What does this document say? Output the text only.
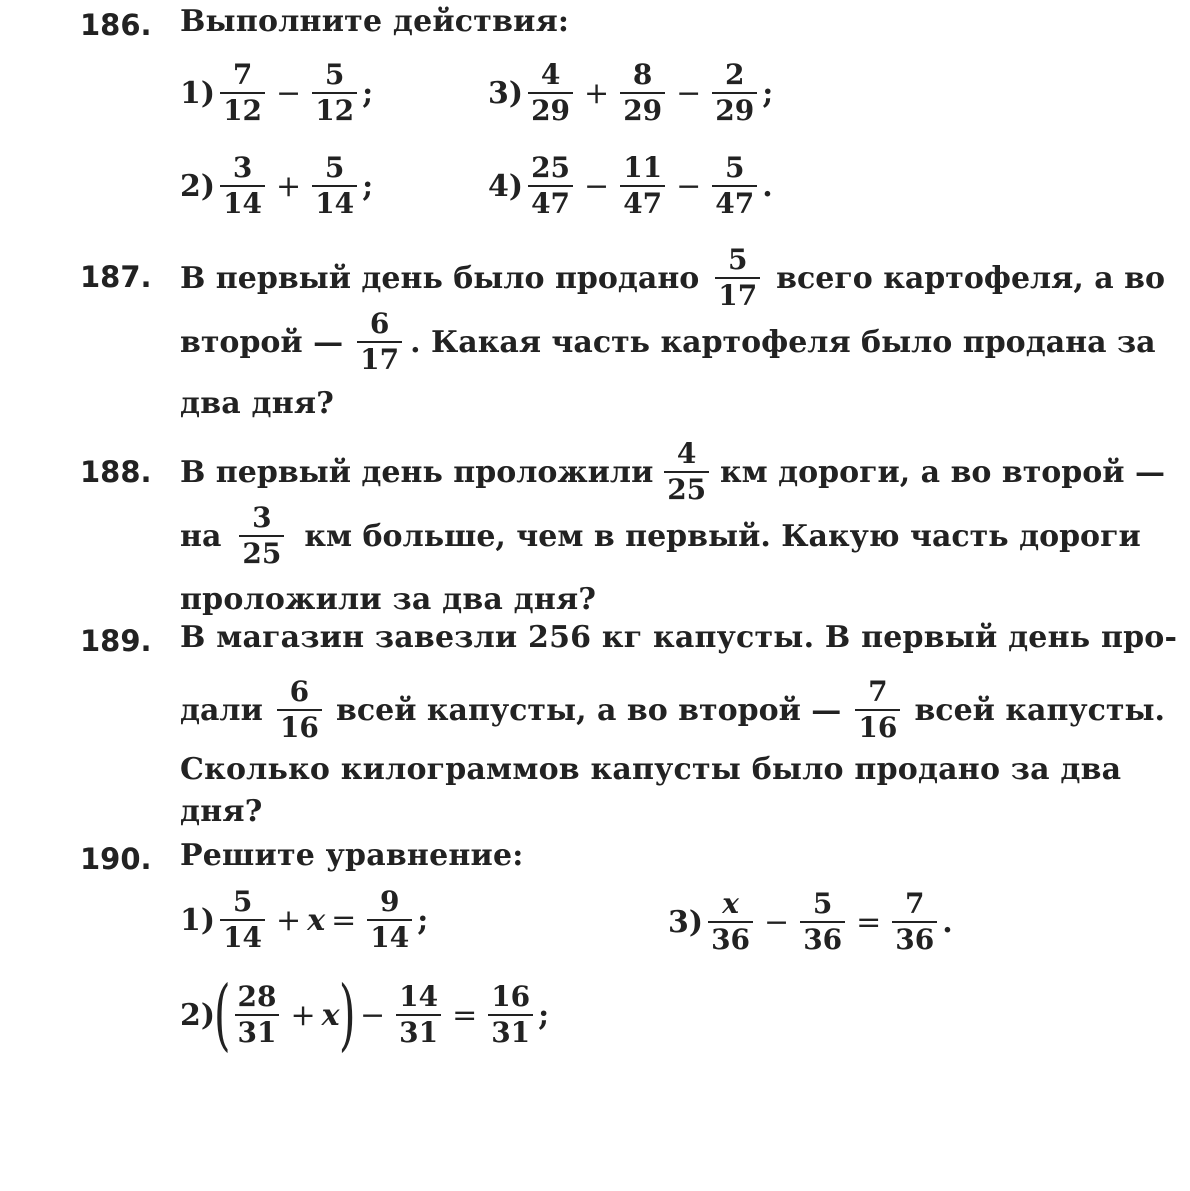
186. Выполните действия:
$1) \frac{7}{12} - \frac{5}{12}$ ;
$2) \frac{3}{14} + \frac{5}{14}$ ;
$3) \frac{4}{29} + \frac{8}{29} - \frac{2}{29}$ ;
$4) \frac{25}{47} - \frac{11}{47} - \frac{5}{47}$ .
187. В первый день было продано $\frac{5}{17}$ всего картофеля, а во
второй — $\frac{6}{17}$ . Какая часть картофеля было продана за
два дня?
188. В первый день проложили $\frac{4}{25}$ км дороги, а во второй —
на $\frac{3}{25}$ км больше, чем в первый. Какую часть дороги
проложили за два дня?
189. В магазин завезли 256 кг капусты. В первый день про-
дали $\frac{6}{16}$ всей капусты, а во второй — $\frac{7}{16}$ всей капусты.
Сколько килограммов капусты было продано за два
дня?
190. Решите уравнение:
$1) \frac{5}{14} + x = \frac{9}{14}$ ;
2)
( $\frac{28}{31} + x$
) − $\frac{14}{31} = \frac{16}{31}$ ;
$3) \frac{x}{36} - \frac{5}{36} = \frac{7}{36}$ .
